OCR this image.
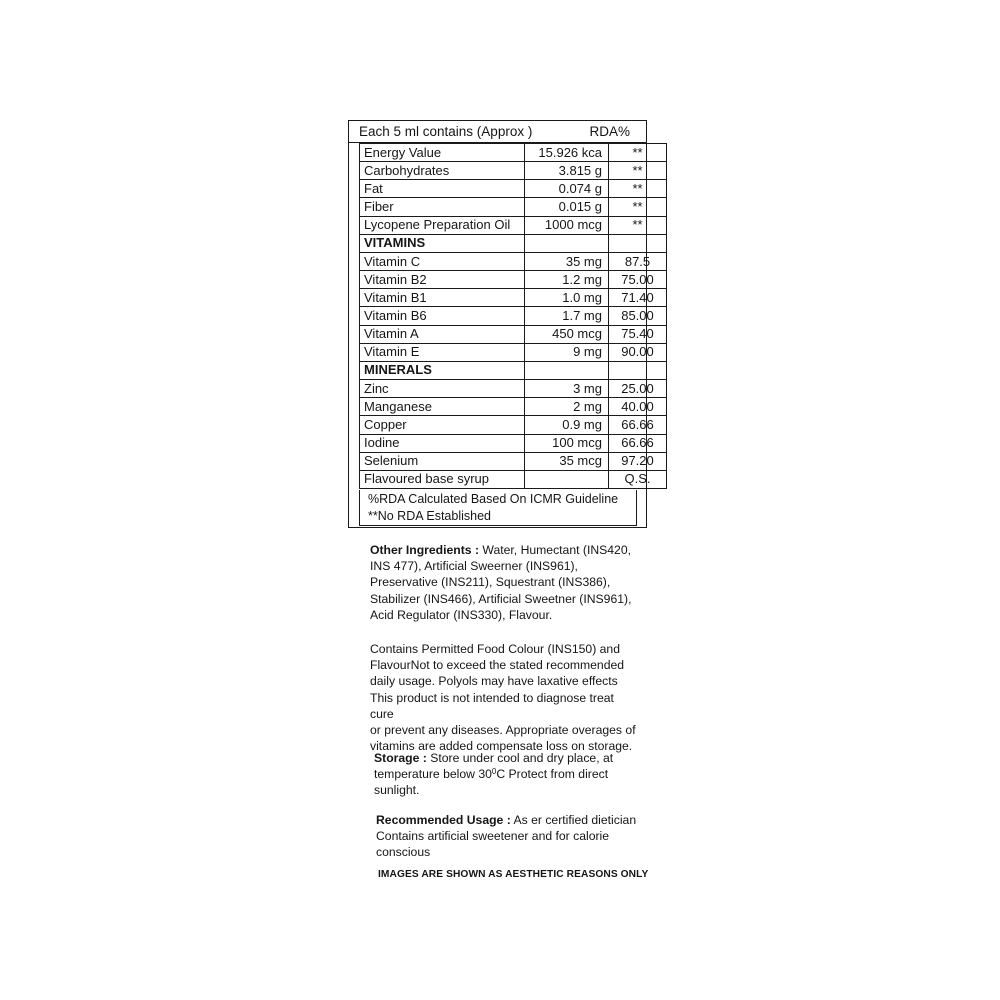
Each 5 ml contains (Approx )	RDA%
Energy Value	15.926 kca	**
Carbohydrates	3.815 g	**
Fat	0.074 g	**
Fiber	0.015 g	**
Lycopene Preparation Oil	1000 mcg	**
VITAMINS		
Vitamin C	35 mg	87.5
Vitamin B2	1.2 mg	75.00
Vitamin B1	1.0 mg	71.40
Vitamin B6	1.7 mg	85.00
Vitamin A	450 mcg	75.40
Vitamin E	9 mg	90.00
MINERALS		
Zinc	3 mg	25.00
Manganese	2 mg	40.00
Copper	0.9 mg	66.66
Iodine	100 mcg	66.66
Selenium	35 mcg	97.20
Flavoured base syrup		Q.S.
%RDA Calculated Based On ICMR Guideline
**No RDA Established
Other Ingredients : Water, Humectant (INS420,
INS 477), Artificial Sweerner (INS961),
Preservative (INS211), Squestrant (INS386),
Stabilizer (INS466), Artificial Sweetner (INS961),
Acid Regulator (INS330), Flavour.
Contains Permitted Food Colour (INS150) and
FlavourNot to exceed the stated recommended
daily usage. Polyols may have laxative effects
This product is not intended to diagnose treat cure
or prevent any diseases. Appropriate overages of
vitamins are added compensate loss on storage.
Storage : Store under cool and dry place, at
temperature below $30^0C$ Protect from direct
sunlight.
Recommended Usage : As er certified dietician
Contains artificial sweetener and for calorie
conscious
IMAGES ARE SHOWN AS AESTHETIC REASONS ONLY
